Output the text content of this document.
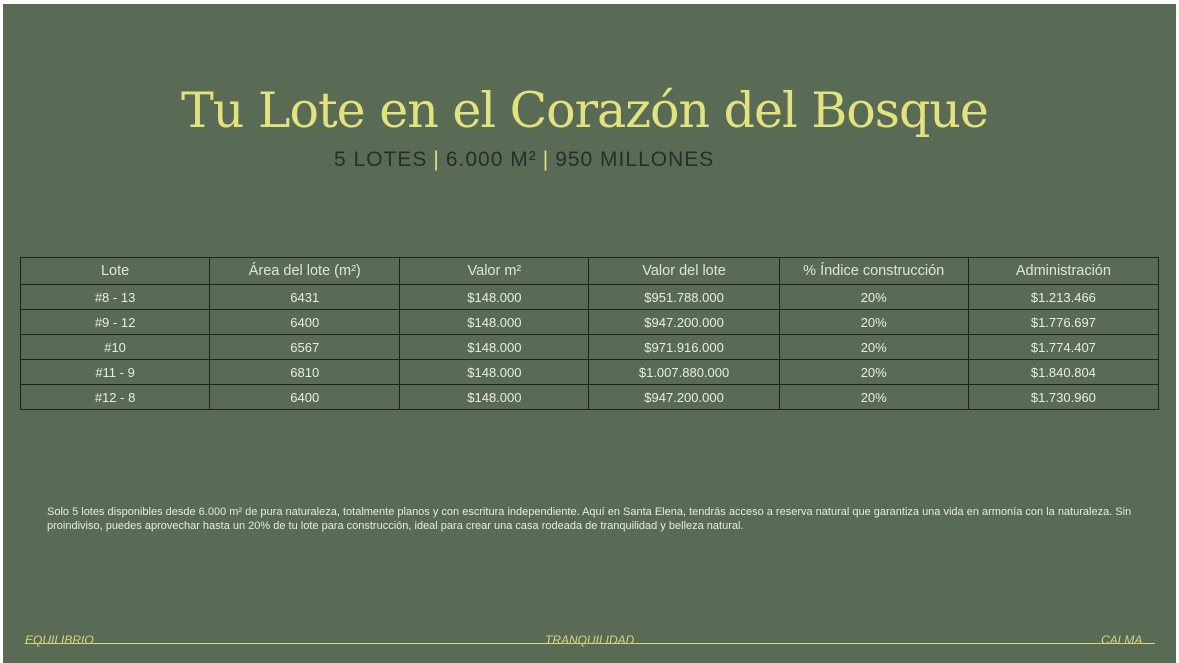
Tu Lote en el Corazón del Bosque
5 LOTES | 6.000 M² | 950 MILLONES
Lote	Área del lote (m²)	Valor m²	Valor del lote	% Índice construcción	Administración
#8 - 13	6431	$148.000	$951.788.000	20%	$1.213.466
#9 - 12	6400	$148.000	$947.200.000	20%	$1.776.697
#10	6567	$148.000	$971.916.000	20%	$1.774.407
#11 - 9	6810	$148.000	$1.007.880.000	20%	$1.840.804
#12 - 8	6400	$148.000	$947.200.000	20%	$1.730.960
Solo 5 lotes disponibles desde 6.000 m² de pura naturaleza, totalmente planos y con escritura independiente. Aquí en Santa Elena, tendrás acceso a reserva natural que garantiza una vida en armonía con la naturaleza. Sin proindiviso, puedes aprovechar hasta un 20% de tu lote para construcción, ideal para crear una casa rodeada de tranquilidad y belleza natural.
EQUILIBRIO	TRANQUILIDAD	CALMA
